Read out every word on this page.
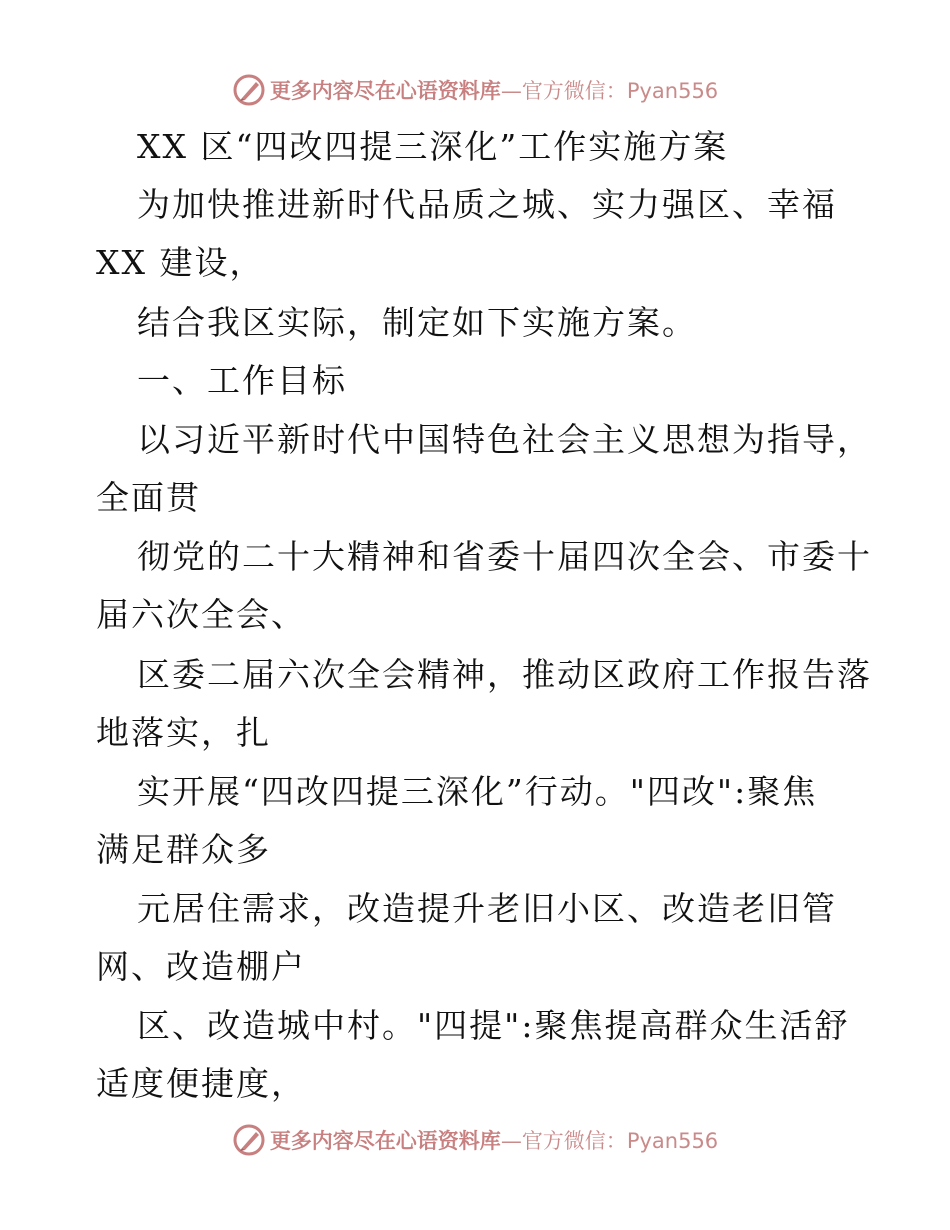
更多内容尽在心语资料库—官方微信：Pyan556
XX 区“四改四提三深化”工作实施方案
为加快推进新时代品质之城、实力强区、幸福
XX 建设，
结合我区实际，制定如下实施方案。
一、工作目标
以习近平新时代中国特色社会主义思想为指导，
全面贯
彻党的二十大精神和省委十届四次全会、市委十
届六次全会、
区委二届六次全会精神，推动区政府工作报告落
地落实，扎
实开展“四改四提三深化”行动。"四改":聚焦
满足群众多
元居住需求，改造提升老旧小区、改造老旧管
网、改造棚户
区、改造城中村。"四提":聚焦提高群众生活舒
适度便捷度，
更多内容尽在心语资料库—官方微信：Pyan556
